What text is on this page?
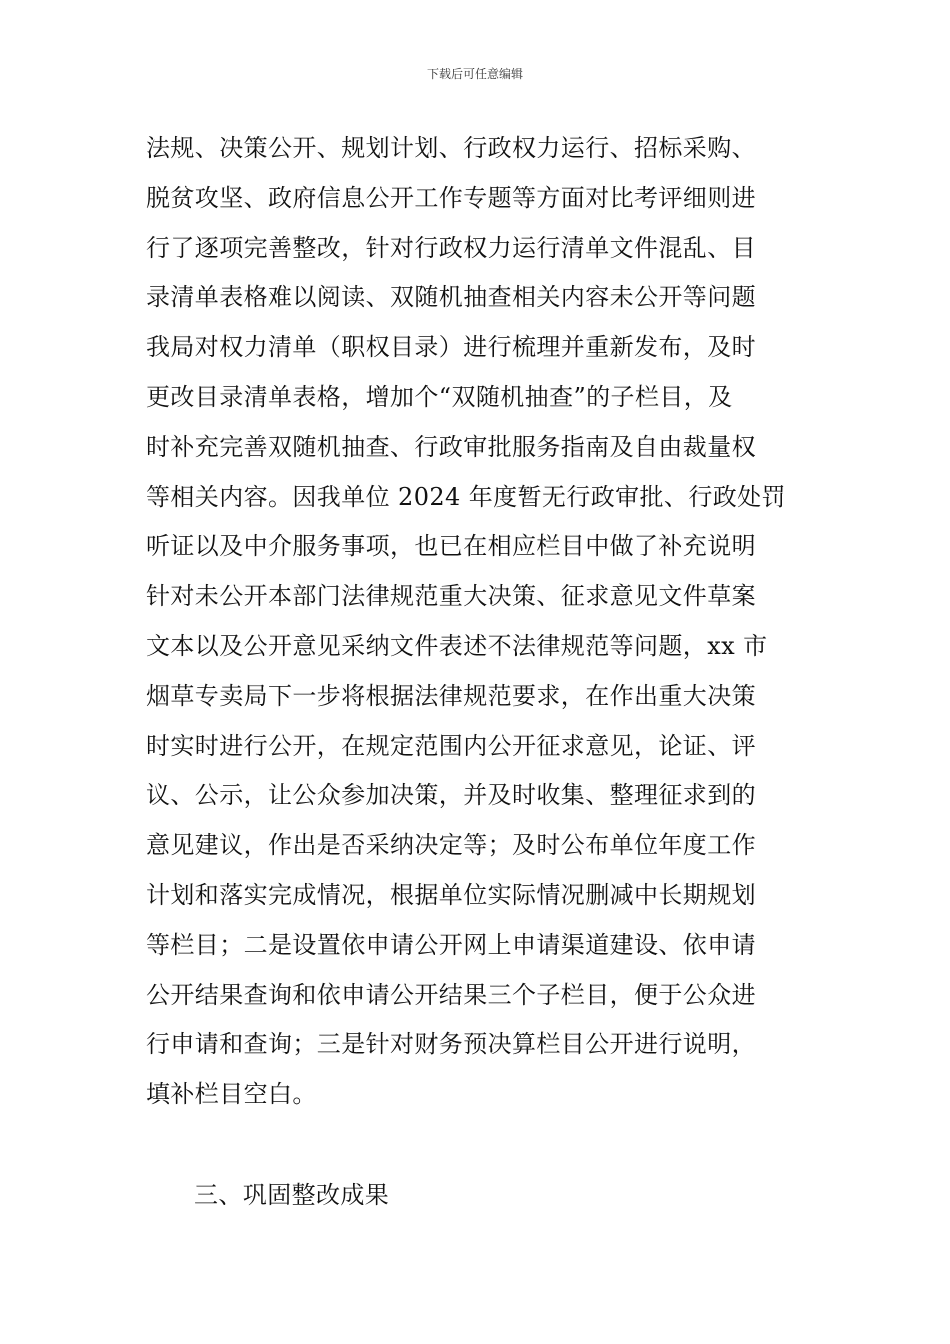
下载后可任意编辑
法规、决策公开、规划计划、行政权力运行、招标采购、
脱贫攻坚、政府信息公开工作专题等方面对比考评细则进
行了逐项完善整改，针对行政权力运行清单文件混乱、目
录清单表格难以阅读、双随机抽查相关内容未公开等问题
我局对权力清单（职权目录）进行梳理并重新发布，及时
更改目录清单表格，增加个“双随机抽查”的子栏目，及
时补充完善双随机抽查、行政审批服务指南及自由裁量权
等相关内容。因我单位 2024 年度暂无行政审批、行政处罚
听证以及中介服务事项，也已在相应栏目中做了补充说明
针对未公开本部门法律规范重大决策、征求意见文件草案
文本以及公开意见采纳文件表述不法律规范等问题，xx 市
烟草专卖局下一步将根据法律规范要求，在作出重大决策
时实时进行公开，在规定范围内公开征求意见，论证、评
议、公示，让公众参加决策，并及时收集、整理征求到的
意见建议，作出是否采纳决定等；及时公布单位年度工作
计划和落实完成情况，根据单位实际情况删减中长期规划
等栏目；二是设置依申请公开网上申请渠道建设、依申请
公开结果查询和依申请公开结果三个子栏目，便于公众进
行申请和查询；三是针对财务预决算栏目公开进行说明，
填补栏目空白。
三、巩固整改成果
